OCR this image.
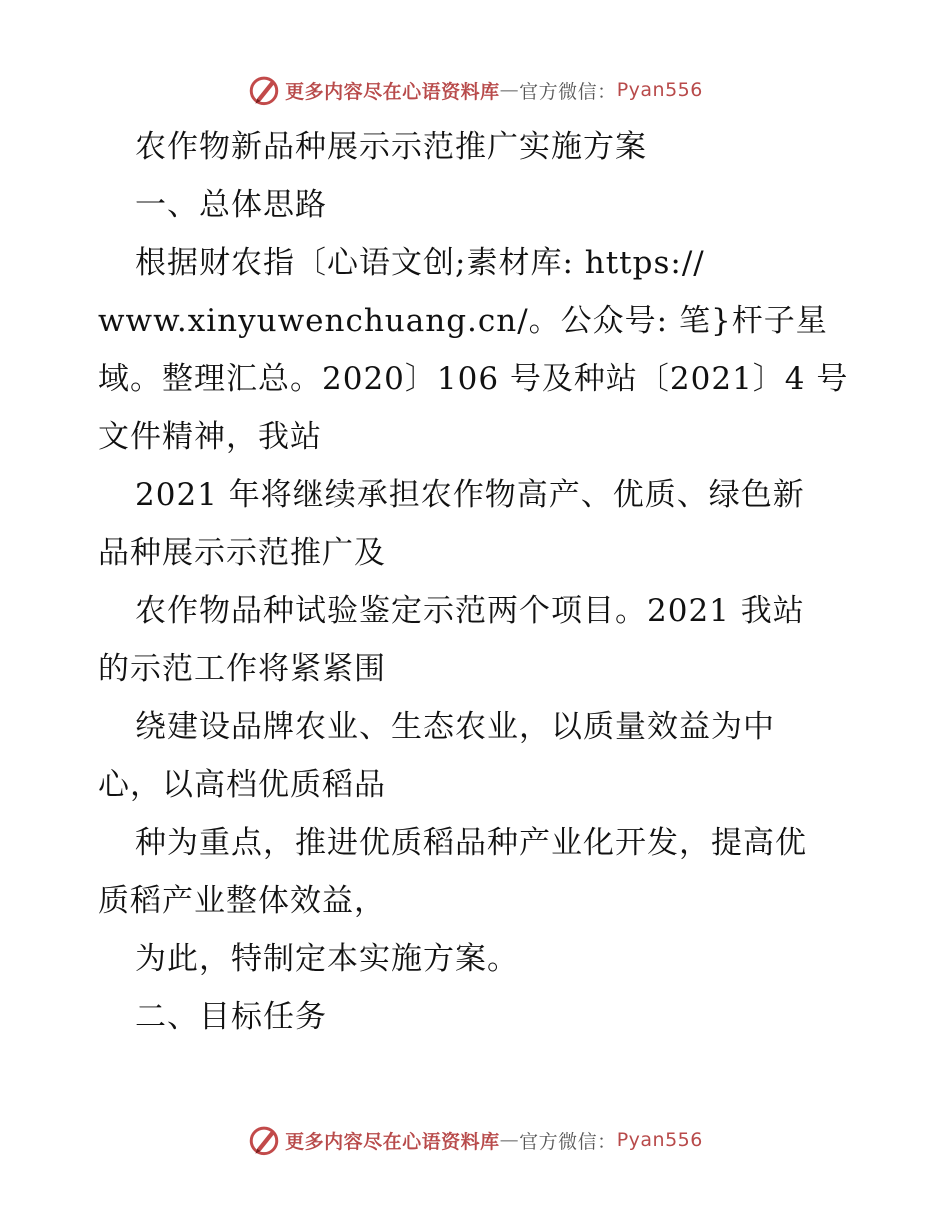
更多内容尽在心语资料库 — 官方微信： Pyan556
农作物新品种展示示范推广实施方案
一、总体思路
根据财农指〔心语文创;素材库: https://
www.xinyuwenchuang.cn/。公众号: 笔}杆子星
域。整理汇总。2020〕106 号及种站〔2021〕4 号
文件精神，我站
2021 年将继续承担农作物高产、优质、绿色新
品种展示示范推广及
农作物品种试验鉴定示范两个项目。2021 我站
的示范工作将紧紧围
绕建设品牌农业、生态农业，以质量效益为中
心，以高档优质稻品
种为重点，推进优质稻品种产业化开发，提高优
质稻产业整体效益，
为此，特制定本实施方案。
二、目标任务
更多内容尽在心语资料库 — 官方微信： Pyan556
